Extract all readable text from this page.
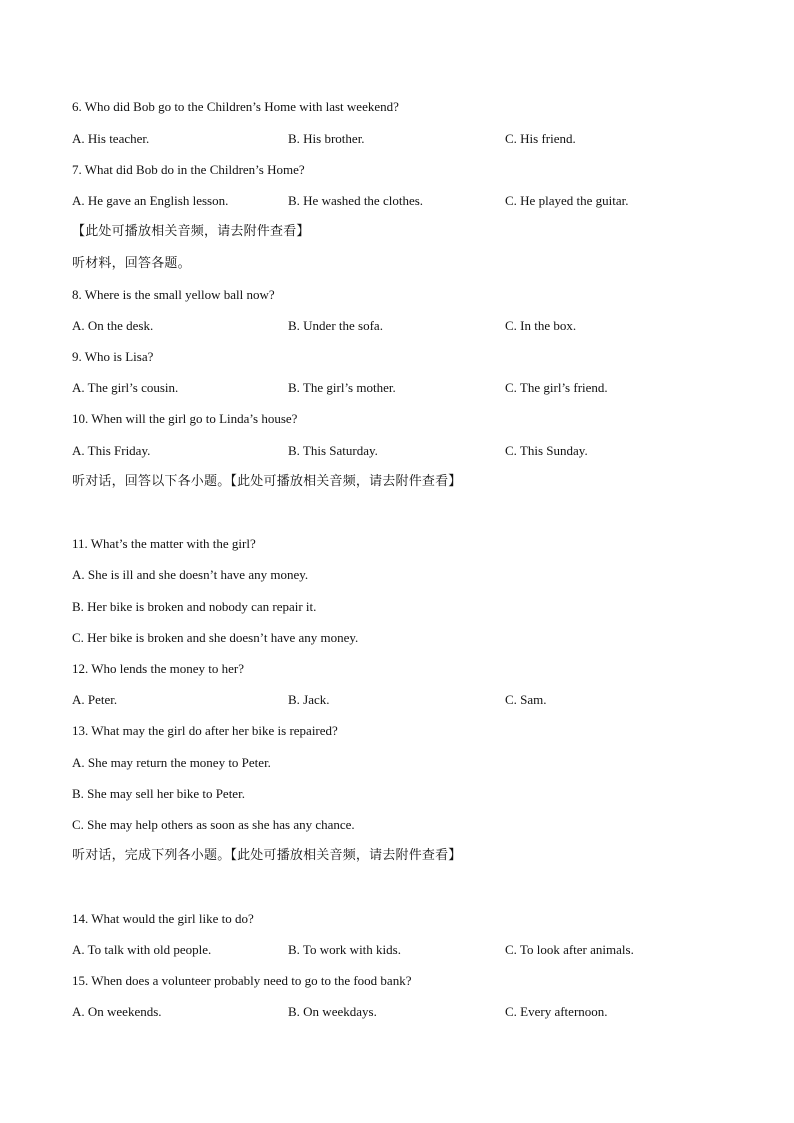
6. Who did Bob go to the Children’s Home with last weekend?
A. His teacher.	B. His brother.	C. His friend.
7. What did Bob do in the Children’s Home?
A. He gave an English lesson.	B. He washed the clothes.	C. He played the guitar.
【此处可播放相关音频，请去附件查看】
听材料，回答各题。
8. Where is the small yellow ball now?
A. On the desk.	B. Under the sofa.	C. In the box.
9. Who is Lisa?
A. The girl’s cousin.	B. The girl’s mother.	C. The girl’s friend.
10. When will the girl go to Linda’s house?
A. This Friday.	B. This Saturday.	C. This Sunday.
听对话，回答以下各小题。【此处可播放相关音频，请去附件查看】
11. What’s the matter with the girl?
A. She is ill and she doesn’t have any money.
B. Her bike is broken and nobody can repair it.
C. Her bike is broken and she doesn’t have any money.
12. Who lends the money to her?
A. Peter.	B. Jack.	C. Sam.
13. What may the girl do after her bike is repaired?
A. She may return the money to Peter.
B. She may sell her bike to Peter.
C. She may help others as soon as she has any chance.
听对话，完成下列各小题。【此处可播放相关音频，请去附件查看】
14. What would the girl like to do?
A. To talk with old people.	B. To work with kids.	C. To look after animals.
15. When does a volunteer probably need to go to the food bank?
A. On weekends.	B. On weekdays.	C. Every afternoon.
